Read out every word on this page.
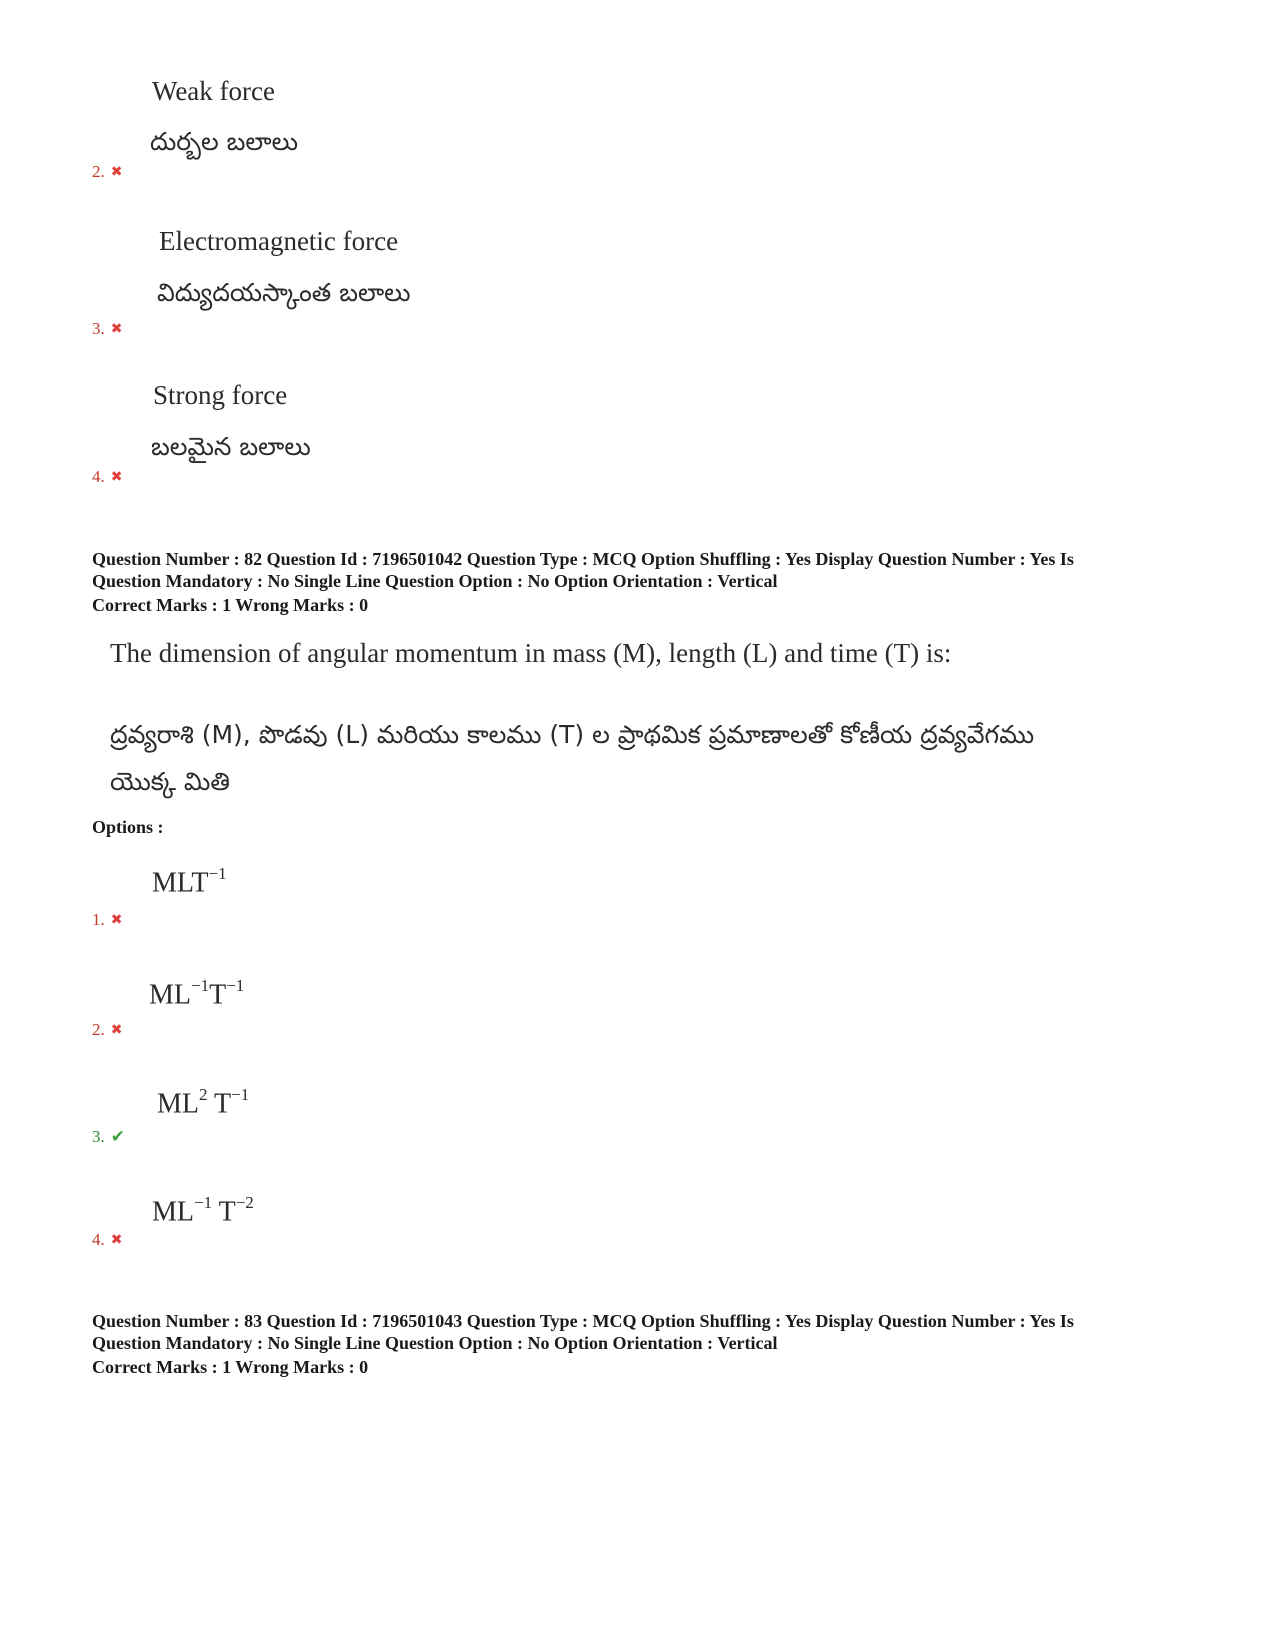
Weak force
దుర్బల బలాలు
2. ✖
Electromagnetic force
విద్యుదయస్కాంత బలాలు
3. ✖
Strong force
బలమైన బలాలు
4. ✖
Question Number : 82 Question Id : 7196501042 Question Type : MCQ Option Shuffling : Yes Display Question Number : Yes Is
Question Mandatory : No Single Line Question Option : No Option Orientation : Vertical
Correct Marks : 1 Wrong Marks : 0
The dimension of angular momentum in mass (M), length (L) and time (T) is:
ద్రవ్యరాశి (M), పొడవు (L) మరియు కాలము (T) ల ప్రాథమిక ప్రమాణాలతో కోణీయ ద్రవ్యవేగము
యొక్క మితి
Options :
$MLT^{-1}$
1. ✖
$ML^{-1}T^{-1}$
2. ✖
$ML^2$ $T^{-1}$
3. ✔
$ML^{-1}$ $T^{-2}$
4. ✖
Question Number : 83 Question Id : 7196501043 Question Type : MCQ Option Shuffling : Yes Display Question Number : Yes Is
Question Mandatory : No Single Line Question Option : No Option Orientation : Vertical
Correct Marks : 1 Wrong Marks : 0
